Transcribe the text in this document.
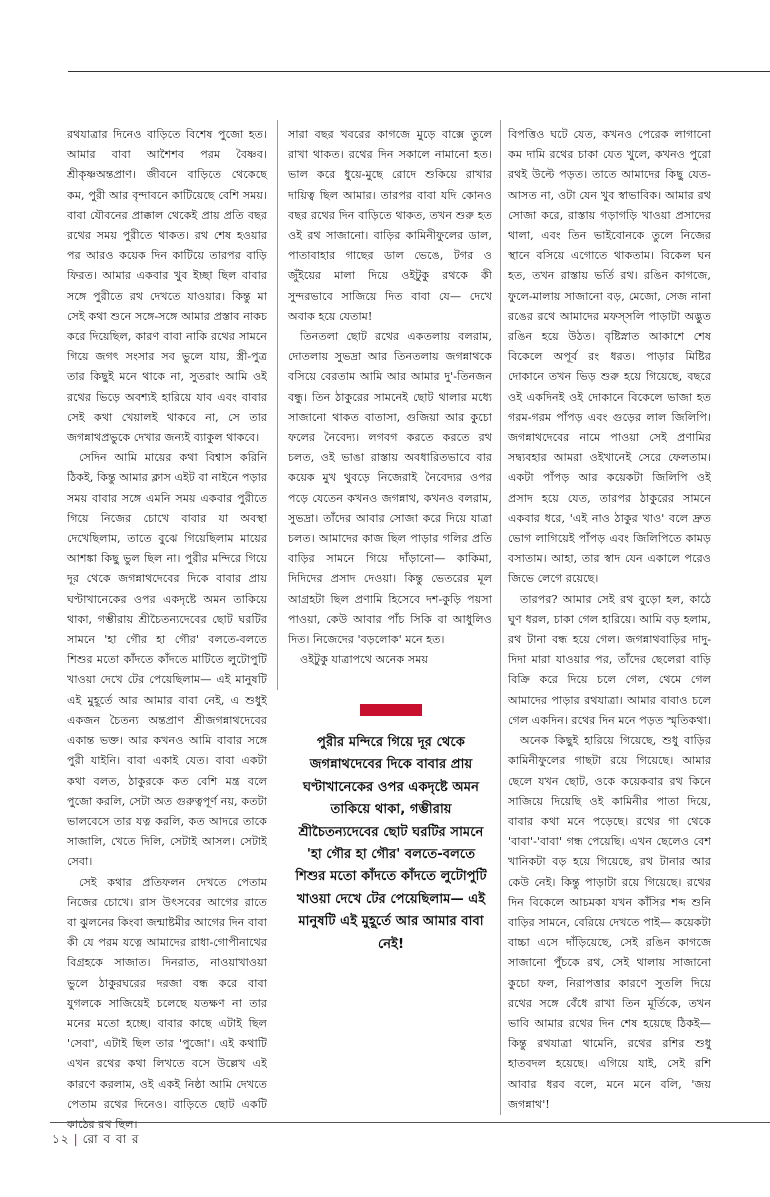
রথযাত্রার দিনেও বাড়িতে বিশেষ পুজো হত। আমার বাবা আশৈশব পরম বৈষ্ণব। শ্রীকৃষ্ণঅন্তপ্রাণ। জীবনে বাড়িতে থেকেছে কম, পুরী আর বৃন্দাবনে কাটিয়েছে বেশি সময়। বাবা যৌবনের প্রাক্কাল থেকেই প্রায় প্রতি বছর রথের সময় পুরীতে থাকত। রথ শেষ হওয়ার পর আরও কয়েক দিন কাটিয়ে তারপর বাড়ি ফিরত। আমার একবার খুব ইচ্ছা ছিল বাবার সঙ্গে পুরীতে রথ দেখতে যাওয়ার। কিন্তু মা সেই কথা শুনে সঙ্গে-সঙ্গে আমার প্রস্তাব নাকচ করে দিয়েছিল, কারণ বাবা নাকি রথের সামনে গিয়ে জগৎ সংসার সব ভুলে যায়, স্ত্রী-পুত্র তার কিছুই মনে থাকে না, সুতরাং আমি ওই রথের ভিড়ে অবশ্যই হারিয়ে যাব এবং বাবার সেই কথা খেয়ালই থাকবে না, সে তার জগন্নাথপ্রভুকে দেখার জন্যই ব্যাকুল থাকবে।

সেদিন আমি মায়ের কথা বিশ্বাস করিনি ঠিকই, কিন্তু আমার ক্লাস এইট বা নাইনে পড়ার সময় বাবার সঙ্গে এমনি সময় একবার পুরীতে গিয়ে নিজের চোখে বাবার যা অবস্থা দেখেছিলাম, তাতে বুঝে গিয়েছিলাম মায়ের আশঙ্কা কিছু ভুল ছিল না। পুরীর মন্দিরে গিয়ে দূর থেকে জগন্নাথদেবের দিকে বাবার প্রায় ঘণ্টাখানেকের ওপর একদৃষ্টে অমন তাকিয়ে থাকা, গম্ভীরায় শ্রীচৈতন্যদেবের ছোট ঘরটির সামনে 'হা গৌর হা গৌর' বলতে-বলতে শিশুর মতো কাঁদতে কাঁদতে মাটিতে লুটোপুটি খাওয়া দেখে টের পেয়েছিলাম— এই মানুষটি এই মুহূর্তে আর আমার বাবা নেই, এ শুধুই একজন চৈতন্য অন্তপ্রাণ শ্রীজগন্নাথদেবের একান্ত ভক্ত। আর কখনও আমি বাবার সঙ্গে পুরী যাইনি। বাবা একাই যেত। বাবা একটা কথা বলত, ঠাকুরকে কত বেশি মন্ত্র বলে পুজো করলি, সেটা অত গুরুত্বপূর্ণ নয়, কতটা ভালবেসে তার যত্ন করলি, কত আদরে তাকে সাজালি, খেতে দিলি, সেটাই আসল। সেটাই সেবা।

সেই কথার প্রতিফলন দেখতে পেতাম নিজের চোখে। রাস উৎসবের আগের রাতে বা ঝুলনের কিংবা জন্মাষ্টমীর আগের দিন বাবা কী যে পরম যত্নে আমাদের রাধা-গোপীনাথের বিগ্রহকে সাজাত। দিনরাত, নাওয়াখাওয়া ভুলে ঠাকুরঘরের দরজা বন্ধ করে বাবা যুগলকে সাজিয়েই চলেছে যতক্ষণ না তার মনের মতো হচ্ছে। বাবার কাছে এটাই ছিল 'সেবা', এটাই ছিল তার 'পুজো'। এই কথাটি এখন রথের কথা লিখতে বসে উল্লেখ এই কারণে করলাম, ওই একই নিষ্ঠা আমি দেখতে পেতাম রথের দিনেও। বাড়িতে ছোট একটি কাঠের রথ ছিল।

সারা বছর খবরের কাগজে মুড়ে বাক্সে তুলে রাখা থাকত। রথের দিন সকালে নামানো হত। ভাল করে ধুয়ে-মুছে রোদে শুকিয়ে রাখার দায়িত্ব ছিল আমার। তারপর বাবা যদি কোনও বছর রথের দিন বাড়িতে থাকত, তখন শুরু হত ওই রথ সাজানো। বাড়ির কামিনীফুলের ডাল, পাতাবাহার গাছের ডাল ভেঙে, টগর ও জুঁইয়ের মালা দিয়ে ওইটুকু রথকে কী সুন্দরভাবে সাজিয়ে দিত বাবা যে— দেখে অবাক হয়ে যেতাম!

তিনতলা ছোট রথের একতলায় বলরাম, দোতলায় সুভদ্রা আর তিনতলায় জগন্নাথকে বসিয়ে বেরতাম আমি আর আমার দু'-তিনজন বন্ধু। তিন ঠাকুরের সামনেই ছোট থালার মধ্যে সাজানো থাকত বাতাসা, গুজিয়া আর কুচো ফলের নৈবেদ্য। লগবগ করতে করতে রথ চলত, ওই ভাঙা রাস্তায় অবধারিতভাবে বার কয়েক মুখ থুবড়ে নিজেরাই নৈবেদ্যর ওপর পড়ে যেতেন কখনও জগন্নাথ, কখনও বলরাম, সুভদ্রা। তাঁদের আবার সোজা করে দিয়ে যাত্রা চলত। আমাদের কাজ ছিল পাড়ার গলির প্রতি বাড়ির সামনে গিয়ে দাঁড়ানো— কাকিমা, দিদিদের প্রসাদ দেওয়া। কিন্তু ভেতরের মূল আগ্রহটা ছিল প্রণামি হিসেবে দশ-কুড়ি পয়সা পাওয়া, কেউ আবার পাঁচ সিকি বা আধুলিও দিত। নিজেদের 'বড়লোক' মনে হত।

ওইটুকু যাত্রাপথে অনেক সময়

পুরীর মন্দিরে গিয়ে দূর থেকে জগন্নাথদেবের দিকে বাবার প্রায় ঘণ্টাখানেকের ওপর একদৃষ্টে অমন তাকিয়ে থাকা, গম্ভীরায় শ্রীচৈতন্যদেবের ছোট ঘরটির সামনে 'হা গৌর হা গৌর' বলতে-বলতে শিশুর মতো কাঁদতে কাঁদতে লুটোপুটি খাওয়া দেখে টের পেয়েছিলাম— এই মানুষটি এই মুহূর্তে আর আমার বাবা নেই!

বিপত্তিও ঘটে যেত, কখনও পেরেক লাগানো কম দামি রথের চাকা যেত খুলে, কখনও পুরো রথই উল্টে পড়ত। তাতে আমাদের কিছু যেত-আসত না, ওটা যেন খুব স্বাভাবিক। আমার রথ সোজা করে, রাস্তায় গড়াগড়ি খাওয়া প্রসাদের থালা, এবং তিন ভাইবোনকে তুলে নিজের স্থানে বসিয়ে এগোতে থাকতাম। বিকেল ঘন হত, তখন রাস্তায় ভর্তি রথ। রঙিন কাগজে, ফুলে-মালায় সাজানো বড়, মেজো, সেজ নানা রঙের রথে আমাদের মফস্সলি পাড়াটা অদ্ভুত রঙিন হয়ে উঠত। বৃষ্টিস্নাত আকাশে শেষ বিকেলে অপূর্ব রং ধরত। পাড়ার মিষ্টির দোকানে তখন ভিড় শুরু হয়ে গিয়েছে, বছরে ওই একদিনই ওই দোকানে বিকেলে ভাজা হত গরম-গরম পাঁপড় এবং গুড়ের লাল জিলিপি। জগন্নাথদেবের নামে পাওয়া সেই প্রণামির সদ্ব্যবহার আমরা ওইখানেই সেরে ফেলতাম। একটা পাঁপড় আর কয়েকটা জিলিপি ওই প্রসাদ হয়ে যেত, তারপর ঠাকুরের সামনে একবার ধরে, 'এই নাও ঠাকুর খাও' বলে দ্রুত ভোগ লাগিয়েই পাঁপড় এবং জিলিপিতে কামড় বসাতাম। আহা, তার স্বাদ যেন একালে পরেও জিভে লেগে রয়েছে।

তারপর? আমার সেই রথ বুড়ো হল, কাঠে ঘুণ ধরল, চাকা গেল হারিয়ে। আমি বড় হলাম, রথ টানা বন্ধ হয়ে গেল। জগন্নাথবাড়ির দাদু-দিদা মারা যাওয়ার পর, তাঁদের ছেলেরা বাড়ি বিক্রি করে দিয়ে চলে গেল, থেমে গেল আমাদের পাড়ার রথযাত্রা। আমার বাবাও চলে গেল একদিন। রথের দিন মনে পড়ত স্মৃতিকথা।

অনেক কিছুই হারিয়ে গিয়েছে, শুধু বাড়ির কামিনীফুলের গাছটা রয়ে গিয়েছে। আমার ছেলে যখন ছোট, ওকে কয়েকবার রথ কিনে সাজিয়ে দিয়েছি ওই কামিনীর পাতা দিয়ে, বাবার কথা মনে পড়েছে। রথের গা থেকে 'বাবা'-'বাবা' গন্ধ পেয়েছি। এখন ছেলেও বেশ খানিকটা বড় হয়ে গিয়েছে, রথ টানার আর কেউ নেই। কিন্তু পাড়াটা রয়ে গিয়েছে। রথের দিন বিকেলে আচমকা যখন কাঁসির শব্দ শুনি বাড়ির সামনে, বেরিয়ে দেখতে পাই— কয়েকটা বাচ্চা এসে দাঁড়িয়েছে, সেই রঙিন কাগজে সাজানো পুঁচকে রথ, সেই থালায় সাজানো কুচো ফল, নিরাপত্তার কারণে সুতলি দিয়ে রথের সঙ্গে বেঁধে রাখা তিন মূর্তিকে, তখন ভাবি আমার রথের দিন শেষ হয়েছে ঠিকই— কিন্তু রথযাত্রা থামেনি, রথের রশির শুধু হাতবদল হয়েছে। এগিয়ে যাই, সেই রশি আবার ধরব বলে, মনে মনে বলি, 'জয় জগন্নাথ'!

১২ | রো ব বা র
